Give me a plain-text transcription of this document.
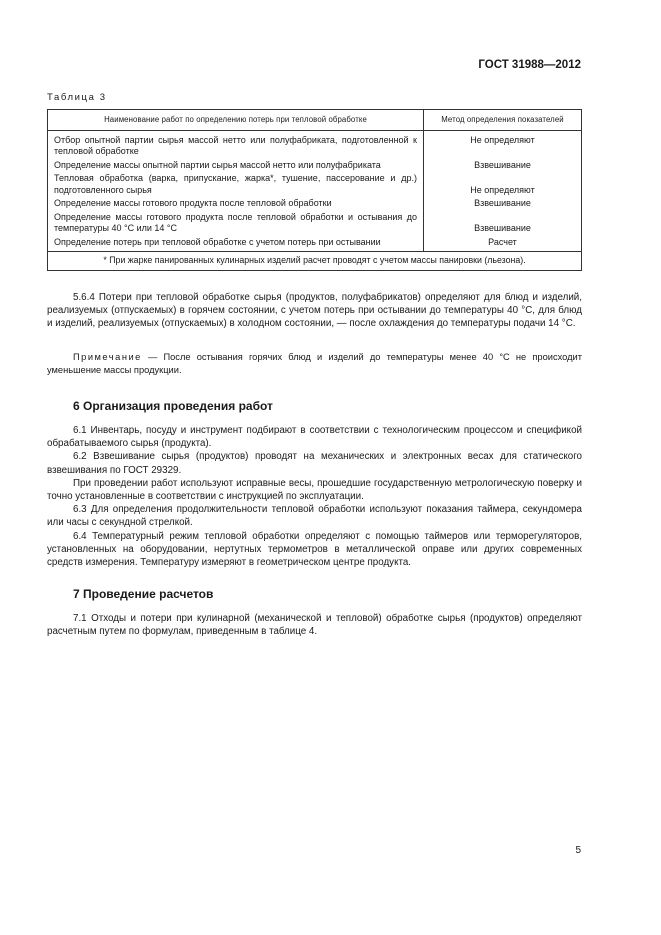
ГОСТ 31988—2012
Таблица 3
Наименование работ по определению потерь при тепловой обработке	Метод определения показателей
Отбор опытной партии сырья массой нетто или полуфабриката, подготовленной к тепловой обработке	Не определяют
Определение массы опытной партии сырья массой нетто или полуфабриката	Взвешивание
Тепловая обработка (варка, припускание, жарка*, тушение, пассерование и др.) подготовленного сырья	Не определяют
Определение массы готового продукта после тепловой обработки	Взвешивание
Определение массы готового продукта после тепловой обработки и остывания до температуры 40 °С или 14 °С	Взвешивание
Определение потерь при тепловой обработке с учетом потерь при остывании	Расчет
* При жарке панированных кулинарных изделий расчет проводят с учетом массы панировки (льезона).	

5.6.4 Потери при тепловой обработке сырья (продуктов, полуфабрикатов) определяют для блюд и изделий, реализуемых (отпускаемых) в горячем состоянии, с учетом потерь при остывании до температуры 40 °С, для блюд и изделий, реализуемых (отпускаемых) в холодном состоянии, — после охлаждения до температуры подачи 14 °С.

Примечание — После остывания горячих блюд и изделий до температуры менее 40 °С не происходит уменьшение массы продукции.

6 Организация проведения работ

6.1 Инвентарь, посуду и инструмент подбирают в соответствии с технологическим процессом и спецификой обрабатываемого сырья (продукта).

6.2 Взвешивание сырья (продуктов) проводят на механических и электронных весах для статического взвешивания по ГОСТ 29329.

При проведении работ используют исправные весы, прошедшие государственную метрологическую поверку и точно установленные в соответствии с инструкцией по эксплуатации.

6.3 Для определения продолжительности тепловой обработки используют показания таймера, секундомера или часы с секундной стрелкой.

6.4 Температурный режим тепловой обработки определяют с помощью таймеров или терморегуляторов, установленных на оборудовании, нертутных термометров в металлической оправе или других современных средств измерения. Температуру измеряют в геометрическом центре продукта.

7 Проведение расчетов

7.1 Отходы и потери при кулинарной (механической и тепловой) обработке сырья (продуктов) определяют расчетным путем по формулам, приведенным в таблице 4.

5
